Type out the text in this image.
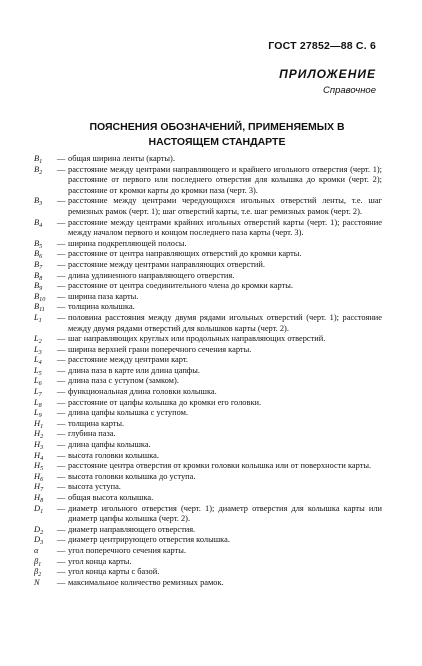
ГОСТ 27852—88 С. 6
ПРИЛОЖЕНИЕ
Справочное
ПОЯСНЕНИЯ ОБОЗНАЧЕНИЙ, ПРИМЕНЯЕМЫХ В НАСТОЯЩЕМ СТАНДАРТЕ
$B_1$	— общая ширина ленты (карты).
$B_2$	— расстояние между центрами направляющего и крайнего игольного отверстия (черт. 1); расстояние от первого или последнего отверстия для колышка до кромки (черт. 2); расстояние от кромки карты до кромки паза (черт. 3).
$B_3$	— расстояние между центрами чередующихся игольных отверстий ленты, т.е. шаг ремизных рамок (черт. 1); шаг отверстий карты, т.е. шаг ремизных рамок (черт. 2).
$B_4$	— расстояние между центрами крайних игольных отверстий карты (черт. 1); расстояние между началом первого и концом последнего паза карты (черт. 3).
$B_5$	— ширина подкрепляющей полосы.
$B_6$	— расстояние от центра направляющих отверстий до кромки карты.
$B_7$	— расстояние между центрами направляющих отверстий.
$B_8$	— длина удлиненного направляющего отверстия.
$B_9$	— расстояние от центра соединительного члена до кромки карты.
$B_{10}$	— ширина паза карты.
$B_{11}$	— толщина колышка.
$L_1$	— половина расстояния между двумя рядами игольных отверстий (черт. 1); расстояние между двумя рядами отверстий для колышков карты (черт. 2).
$L_2$	— шаг направляющих круглых или продольных направляющих отверстий.
$L_3$	— ширина верхней грани поперечного сечения карты.
$L_4$	— расстояние между центрами карт.
$L_5$	— длина паза в карте или длина цапфы.
$L_6$	— длина паза с уступом (замком).
$L_7$	— функциональная длина головки колышка.
$L_8$	— расстояние от цапфы колышка до кромки его головки.
$L_9$	— длина цапфы колышка с уступом.
$H_1$	— толщина карты.
$H_2$	— глубина паза.
$H_3$	— длина цапфы колышка.
$H_4$	— высота головки колышка.
$H_5$	— расстояние центра отверстия от кромки головки колышка или от поверхности карты.
$H_6$	— высота головки колышка до уступа.
$H_7$	— высота уступа.
$H_8$	— общая высота колышка.
$D_1$	— диаметр игольного отверстия (черт. 1); диаметр отверстия для колышка карты или диаметр цапфы колышка (черт. 2).
$D_2$	— диаметр направляющего отверстия.
$D_3$	— диаметр центрирующего отверстия колышка.
α	— угол поперечного сечения карты.
$\beta_1$	— угол конца карты.
$\beta_2$	— угол конца карты с базой.
N	— максимальное количество ремизных рамок.
